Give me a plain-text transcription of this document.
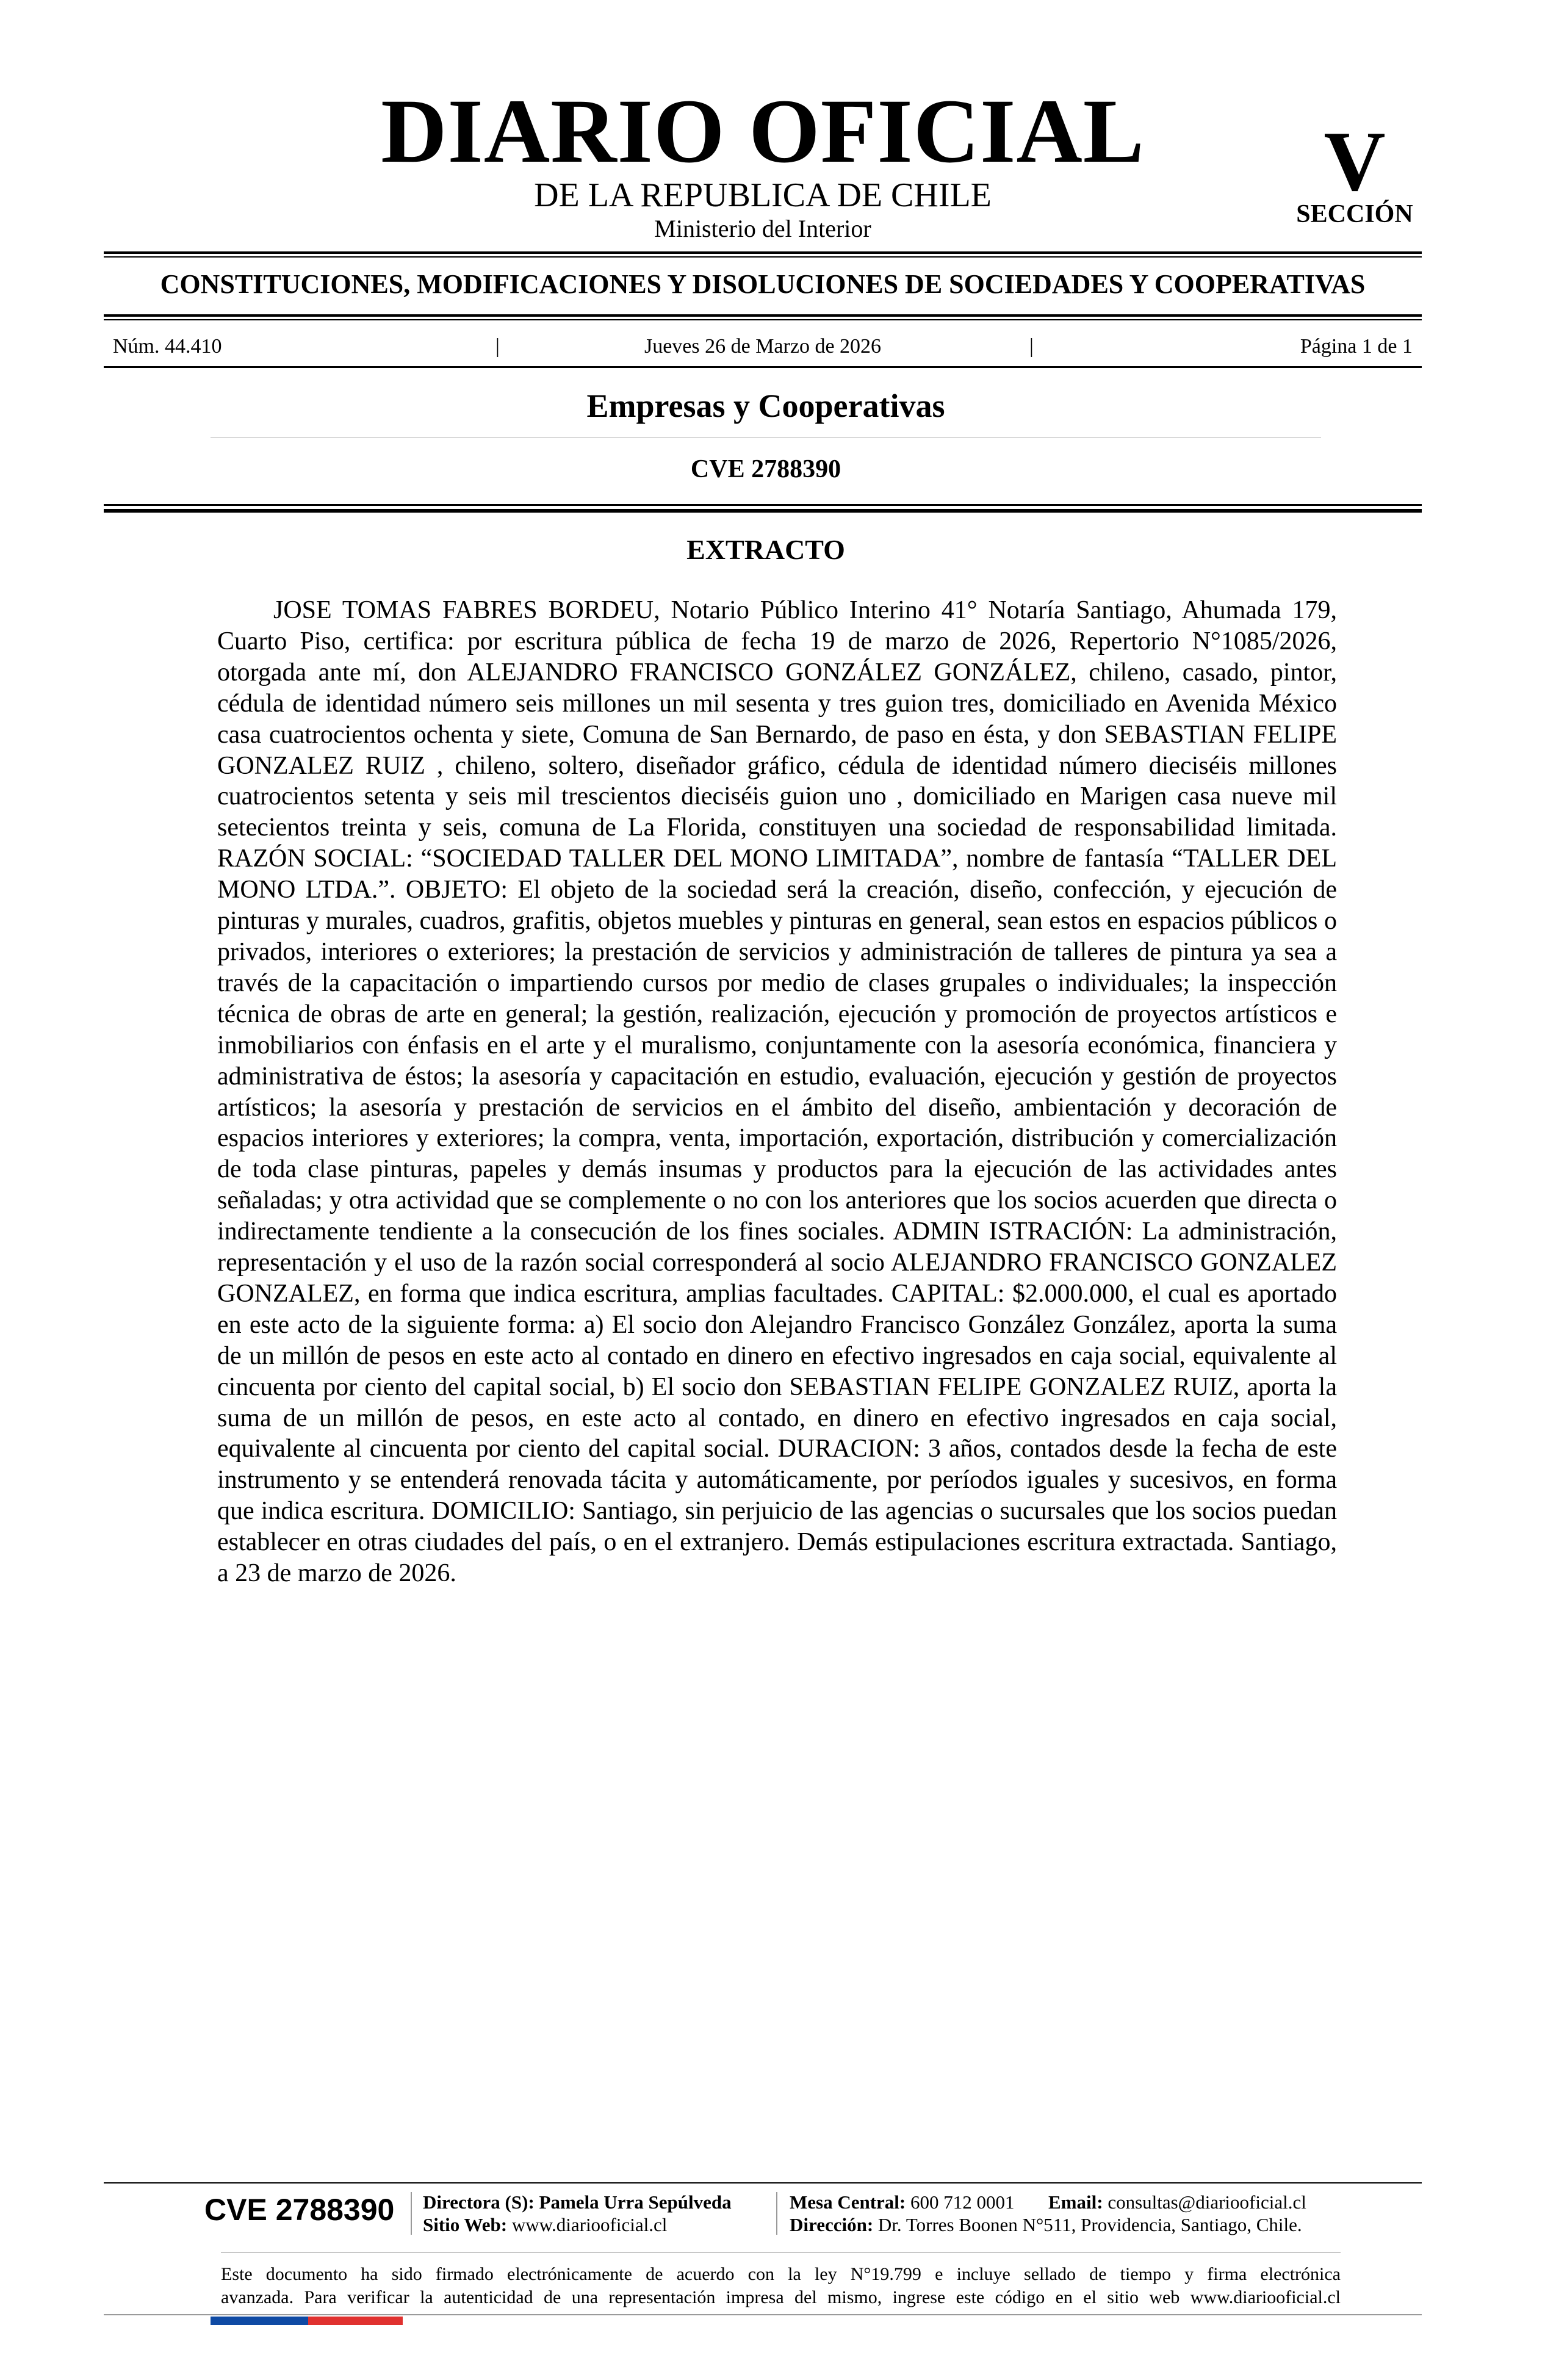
DIARIO OFICIAL
DE LA REPUBLICA DE CHILE
Ministerio del Interior
V
SECCIÓN
CONSTITUCIONES, MODIFICACIONES Y DISOLUCIONES DE SOCIEDADES Y COOPERATIVAS
Jueves 26 de Marzo de 2026
Núm. 44.410	|	|	Página 1 de 1
Empresas y Cooperativas
CVE 2788390
EXTRACTO

JOSE TOMAS FABRES BORDEU, Notario Público Interino 41° Notaría Santiago, Ahumada 179, Cuarto Piso, certifica: por escritura pública de fecha 19 de marzo de 2026, Repertorio N°1085/2026, otorgada ante mí, don ALEJANDRO FRANCISCO GONZÁLEZ GONZÁLEZ, chileno, casado, pintor, cédula de identidad número seis millones un mil sesenta y tres guion tres, domiciliado en Avenida México casa cuatrocientos ochenta y siete, Comuna de San Bernardo, de paso en ésta, y don SEBASTIAN FELIPE GONZALEZ RUIZ , chileno, soltero, diseñador gráfico, cédula de identidad número dieciséis millones cuatrocientos setenta y seis mil trescientos dieciséis guion uno , domiciliado en Marigen casa nueve mil setecientos treinta y seis, comuna de La Florida, constituyen una sociedad de responsabilidad limitada. RAZÓN SOCIAL: “SOCIEDAD TALLER DEL MONO LIMITADA”, nombre de fantasía “TALLER DEL MONO LTDA.”. OBJETO: El objeto de la sociedad será la creación, diseño, confección, y ejecución de pinturas y murales, cuadros, grafitis, objetos muebles y pinturas en general, sean estos en espacios públicos o privados, interiores o exteriores; la prestación de servicios y administración de talleres de pintura ya sea a través de la capacitación o impartiendo cursos por medio de clases grupales o individuales; la inspección técnica de obras de arte en general; la gestión, realización, ejecución y promoción de proyectos artísticos e inmobiliarios con énfasis en el arte y el muralismo, conjuntamente con la asesoría económica, financiera y administrativa de éstos; la asesoría y capacitación en estudio, evaluación, ejecución y gestión de proyectos artísticos; la asesoría y prestación de servicios en el ámbito del diseño, ambientación y decoración de espacios interiores y exteriores; la compra, venta, importación, exportación, distribución y comercialización de toda clase pinturas, papeles y demás insumas y productos para la ejecución de las actividades antes señaladas; y otra actividad que se complemente o no con los anteriores que los socios acuerden que directa o indirectamente tendiente a la consecución de los fines sociales. ADMIN ISTRACIÓN: La administración, representación y el uso de la razón social corresponderá al socio ALEJANDRO FRANCISCO GONZALEZ GONZALEZ, en forma que indica escritura, amplias facultades. CAPITAL: $2.000.000, el cual es aportado en este acto de la siguiente forma: a) El socio don Alejandro Francisco González González, aporta la suma de un millón de pesos en este acto al contado en dinero en efectivo ingresados en caja social, equivalente al cincuenta por ciento del capital social, b) El socio don SEBASTIAN FELIPE GONZALEZ RUIZ, aporta la suma de un millón de pesos, en este acto al contado, en dinero en efectivo ingresados en caja social, equivalente al cincuenta por ciento del capital social. DURACION: 3 años, contados desde la fecha de este instrumento y se entenderá renovada tácita y automáticamente, por períodos iguales y sucesivos, en forma que indica escritura. DOMICILIO: Santiago, sin perjuicio de las agencias o sucursales que los socios puedan establecer en otras ciudades del país, o en el extranjero. Demás estipulaciones escritura extractada. Santiago, a 23 de marzo de 2026.

CVE 2788390 Directora (S): Pamela Urra Sepúlveda
Sitio Web: www.diariooficial.cl
Mesa Central: 600 712 0001 Email: consultas@diariooficial.cl
Dirección: Dr. Torres Boonen N°511, Providencia, Santiago, Chile.
Este documento ha sido firmado electrónicamente de acuerdo con la ley N°19.799 e incluye sellado de tiempo y firma electrónica
avanzada. Para verificar la autenticidad de una representación impresa del mismo, ingrese este código en el sitio web www.diariooficial.cl
